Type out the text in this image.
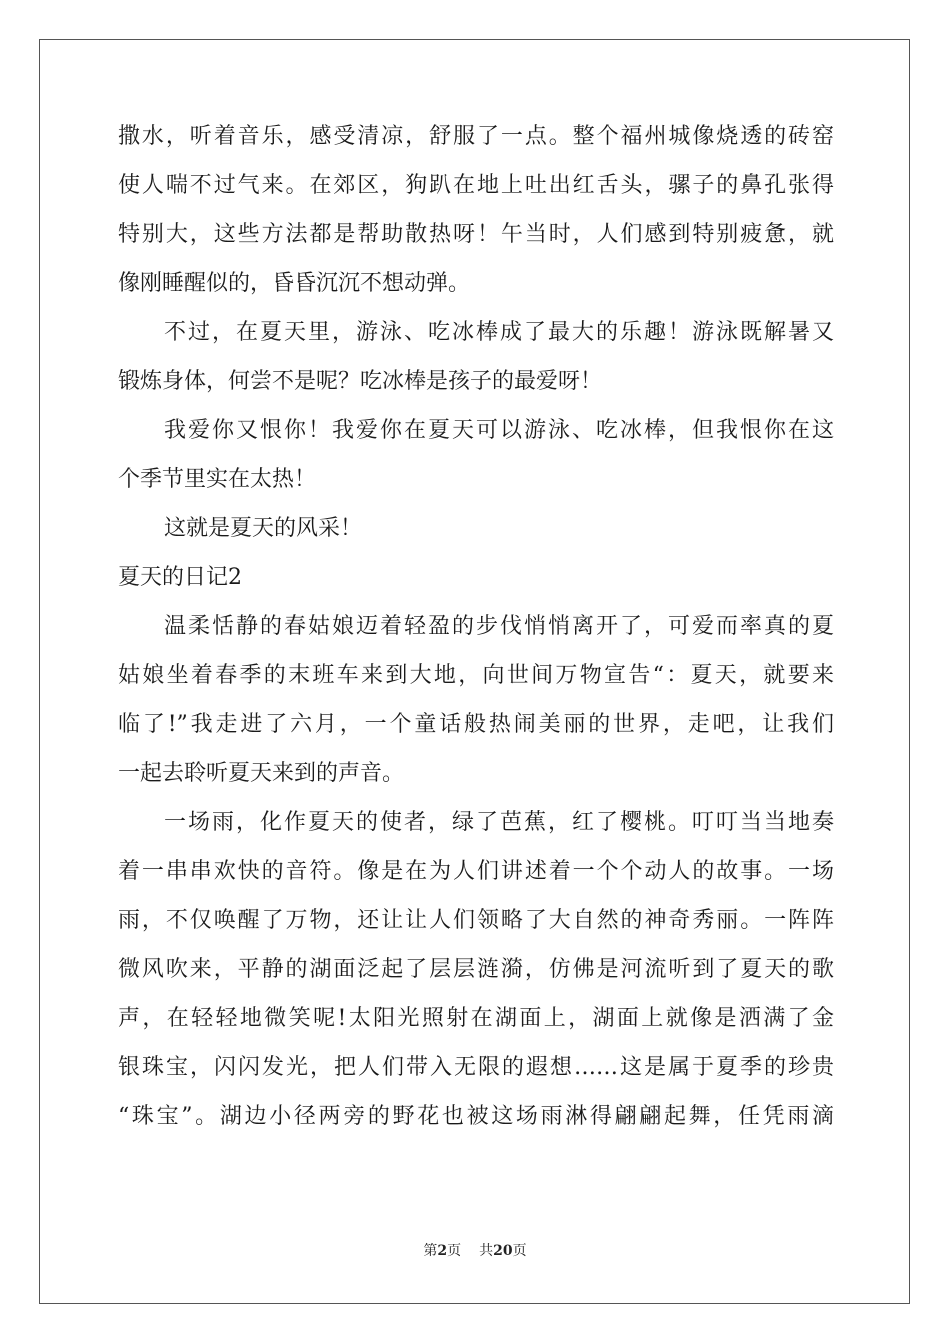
撒水，听着音乐，感受清凉，舒服了一点。整个福州城像烧透的砖窑
使人喘不过气来。在郊区，狗趴在地上吐出红舌头，骡子的鼻孔张得
特别大，这些方法都是帮助散热呀！午当时，人们感到特别疲惫，就
像刚睡醒似的，昏昏沉沉不想动弹。
不过，在夏天里，游泳、吃冰棒成了最大的乐趣！游泳既解暑又
锻炼身体，何尝不是呢？吃冰棒是孩子的最爱呀！
我爱你又恨你！我爱你在夏天可以游泳、吃冰棒，但我恨你在这
个季节里实在太热！
这就是夏天的风采！
夏天的日记2
温柔恬静的春姑娘迈着轻盈的步伐悄悄离开了，可爱而率真的夏
姑娘坐着春季的末班车来到大地，向世间万物宣告“：夏天，就要来
临了!”我走进了六月，一个童话般热闹美丽的世界，走吧，让我们
一起去聆听夏天来到的声音。
一场雨，化作夏天的使者，绿了芭蕉，红了樱桃。叮叮当当地奏
着一串串欢快的音符。像是在为人们讲述着一个个动人的故事。一场
雨，不仅唤醒了万物，还让让人们领略了大自然的神奇秀丽。一阵阵
微风吹来，平静的湖面泛起了层层涟漪，仿佛是河流听到了夏天的歌
声，在轻轻地微笑呢!太阳光照射在湖面上，湖面上就像是洒满了金
银珠宝，闪闪发光，把人们带入无限的遐想……这是属于夏季的珍贵
“珠宝”。湖边小径两旁的野花也被这场雨淋得翩翩起舞，任凭雨滴
第2页 共20页
